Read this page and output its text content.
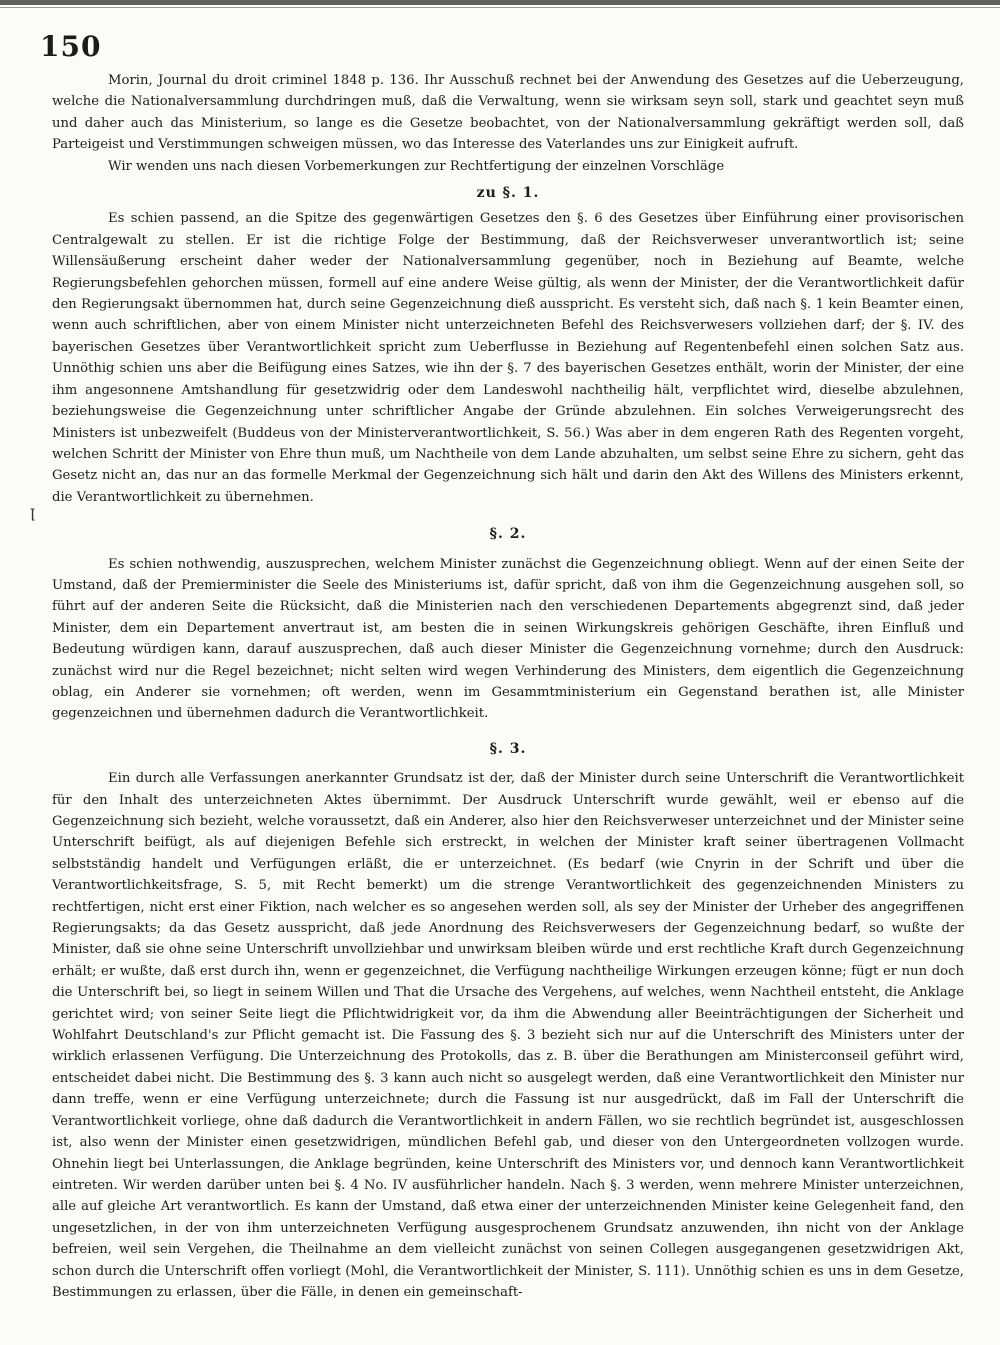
150
ꞁ

Morin, Journal du droit criminel 1848 p. 136. Ihr Ausschuß rechnet bei der Anwendung des Gesetzes auf die Ueberzeugung, welche die Nationalversammlung durchdringen muß, daß die Verwaltung, wenn sie wirksam seyn soll, stark und geachtet seyn muß und daher auch das Ministerium, so lange es die Gesetze beobachtet, von der Nationalversammlung gekräftigt werden soll, daß Parteigeist und Verstimmungen schweigen müssen, wo das Interesse des Vaterlandes uns zur Einigkeit aufruft.

Wir wenden uns nach diesen Vorbemerkungen zur Rechtfertigung der einzelnen Vorschläge

zu §. 1.

Es schien passend, an die Spitze des gegenwärtigen Gesetzes den §. 6 des Gesetzes über Einführung einer provisorischen Centralgewalt zu stellen. Er ist die richtige Folge der Bestimmung, daß der Reichsverweser unverantwortlich ist; seine Willensäußerung erscheint daher weder der Nationalversammlung gegenüber, noch in Beziehung auf Beamte, welche Regierungsbefehlen gehorchen müssen, formell auf eine andere Weise gültig, als wenn der Minister, der die Verantwortlichkeit dafür den Regierungsakt übernommen hat, durch seine Gegenzeichnung dieß ausspricht. Es versteht sich, daß nach §. 1 kein Beamter einen, wenn auch schriftlichen, aber von einem Minister nicht unterzeichneten Befehl des Reichsverwesers vollziehen darf; der §. IV. des bayerischen Gesetzes über Verantwortlichkeit spricht zum Ueberflusse in Beziehung auf Regentenbefehl einen solchen Satz aus. Unnöthig schien uns aber die Beifügung eines Satzes, wie ihn der §. 7 des bayerischen Gesetzes enthält, worin der Minister, der eine ihm angesonnene Amtshandlung für gesetzwidrig oder dem Landeswohl nachtheilig hält, verpflichtet wird, dieselbe abzulehnen, beziehungsweise die Gegenzeichnung unter schriftlicher Angabe der Gründe abzulehnen. Ein solches Verweigerungsrecht des Ministers ist unbezweifelt (Buddeus von der Ministerverantwortlichkeit, S. 56.) Was aber in dem engeren Rath des Regenten vorgeht, welchen Schritt der Minister von Ehre thun muß, um Nachtheile von dem Lande abzuhalten, um selbst seine Ehre zu sichern, geht das Gesetz nicht an, das nur an das formelle Merkmal der Gegenzeichnung sich hält und darin den Akt des Willens des Ministers erkennt, die Verantwortlichkeit zu übernehmen.

§. 2.

Es schien nothwendig, auszusprechen, welchem Minister zunächst die Gegenzeichnung obliegt. Wenn auf der einen Seite der Umstand, daß der Premierminister die Seele des Ministeriums ist, dafür spricht, daß von ihm die Gegenzeichnung ausgehen soll, so führt auf der anderen Seite die Rücksicht, daß die Ministerien nach den verschiedenen Departements abgegrenzt sind, daß jeder Minister, dem ein Departement anvertraut ist, am besten die in seinen Wirkungskreis gehörigen Geschäfte, ihren Einfluß und Bedeutung würdigen kann, darauf auszusprechen, daß auch dieser Minister die Gegenzeichnung vornehme; durch den Ausdruck: zunächst wird nur die Regel bezeichnet; nicht selten wird wegen Verhinderung des Ministers, dem eigentlich die Gegenzeichnung oblag, ein Anderer sie vornehmen; oft werden, wenn im Gesammtministerium ein Gegenstand berathen ist, alle Minister gegenzeichnen und übernehmen dadurch die Verantwortlichkeit.

§. 3.

Ein durch alle Verfassungen anerkannter Grundsatz ist der, daß der Minister durch seine Unterschrift die Verantwortlichkeit für den Inhalt des unterzeichneten Aktes übernimmt. Der Ausdruck Unterschrift wurde gewählt, weil er ebenso auf die Gegenzeichnung sich bezieht, welche voraussetzt, daß ein Anderer, also hier den Reichsverweser unterzeichnet und der Minister seine Unterschrift beifügt, als auf diejenigen Befehle sich erstreckt, in welchen der Minister kraft seiner übertragenen Vollmacht selbstständig handelt und Verfügungen erläßt, die er unterzeichnet. (Es bedarf (wie Cnyrin in der Schrift und über die Verantwortlichkeitsfrage, S. 5, mit Recht bemerkt) um die strenge Verantwortlichkeit des gegenzeichnenden Ministers zu rechtfertigen, nicht erst einer Fiktion, nach welcher es so angesehen werden soll, als sey der Minister der Urheber des angegriffenen Regierungsakts; da das Gesetz ausspricht, daß jede Anordnung des Reichsverwesers der Gegenzeichnung bedarf, so wußte der Minister, daß sie ohne seine Unterschrift unvollziehbar und unwirksam bleiben würde und erst rechtliche Kraft durch Gegenzeichnung erhält; er wußte, daß erst durch ihn, wenn er gegenzeichnet, die Verfügung nachtheilige Wirkungen erzeugen könne; fügt er nun doch die Unterschrift bei, so liegt in seinem Willen und That die Ursache des Vergehens, auf welches, wenn Nachtheil entsteht, die Anklage gerichtet wird; von seiner Seite liegt die Pflichtwidrigkeit vor, da ihm die Abwendung aller Beeinträchtigungen der Sicherheit und Wohlfahrt Deutschland's zur Pflicht gemacht ist. Die Fassung des §. 3 bezieht sich nur auf die Unterschrift des Ministers unter der wirklich erlassenen Verfügung. Die Unterzeichnung des Protokolls, das z. B. über die Berathungen am Ministerconseil geführt wird, entscheidet dabei nicht. Die Bestimmung des §. 3 kann auch nicht so ausgelegt werden, daß eine Verantwortlichkeit den Minister nur dann treffe, wenn er eine Verfügung unterzeichnete; durch die Fassung ist nur ausgedrückt, daß im Fall der Unterschrift die Verantwortlichkeit vorliege, ohne daß dadurch die Verantwortlichkeit in andern Fällen, wo sie rechtlich begründet ist, ausgeschlossen ist, also wenn der Minister einen gesetzwidrigen, mündlichen Befehl gab, und dieser von den Untergeordneten vollzogen wurde. Ohnehin liegt bei Unterlassungen, die Anklage begründen, keine Unterschrift des Ministers vor, und dennoch kann Verantwortlichkeit eintreten. Wir werden darüber unten bei §. 4 No. IV ausführlicher handeln. Nach §. 3 werden, wenn mehrere Minister unterzeichnen, alle auf gleiche Art verantwortlich. Es kann der Umstand, daß etwa einer der unterzeichnenden Minister keine Gelegenheit fand, den ungesetzlichen, in der von ihm unterzeichneten Verfügung ausgesprochenem Grundsatz anzuwenden, ihn nicht von der Anklage befreien, weil sein Vergehen, die Theilnahme an dem vielleicht zunächst von seinen Collegen ausgegangenen gesetzwidrigen Akt, schon durch die Unterschrift offen vorliegt (Mohl, die Verantwortlichkeit der Minister, S. 111). Unnöthig schien es uns in dem Gesetze, Bestimmungen zu erlassen, über die Fälle, in denen ein gemeinschaft-
